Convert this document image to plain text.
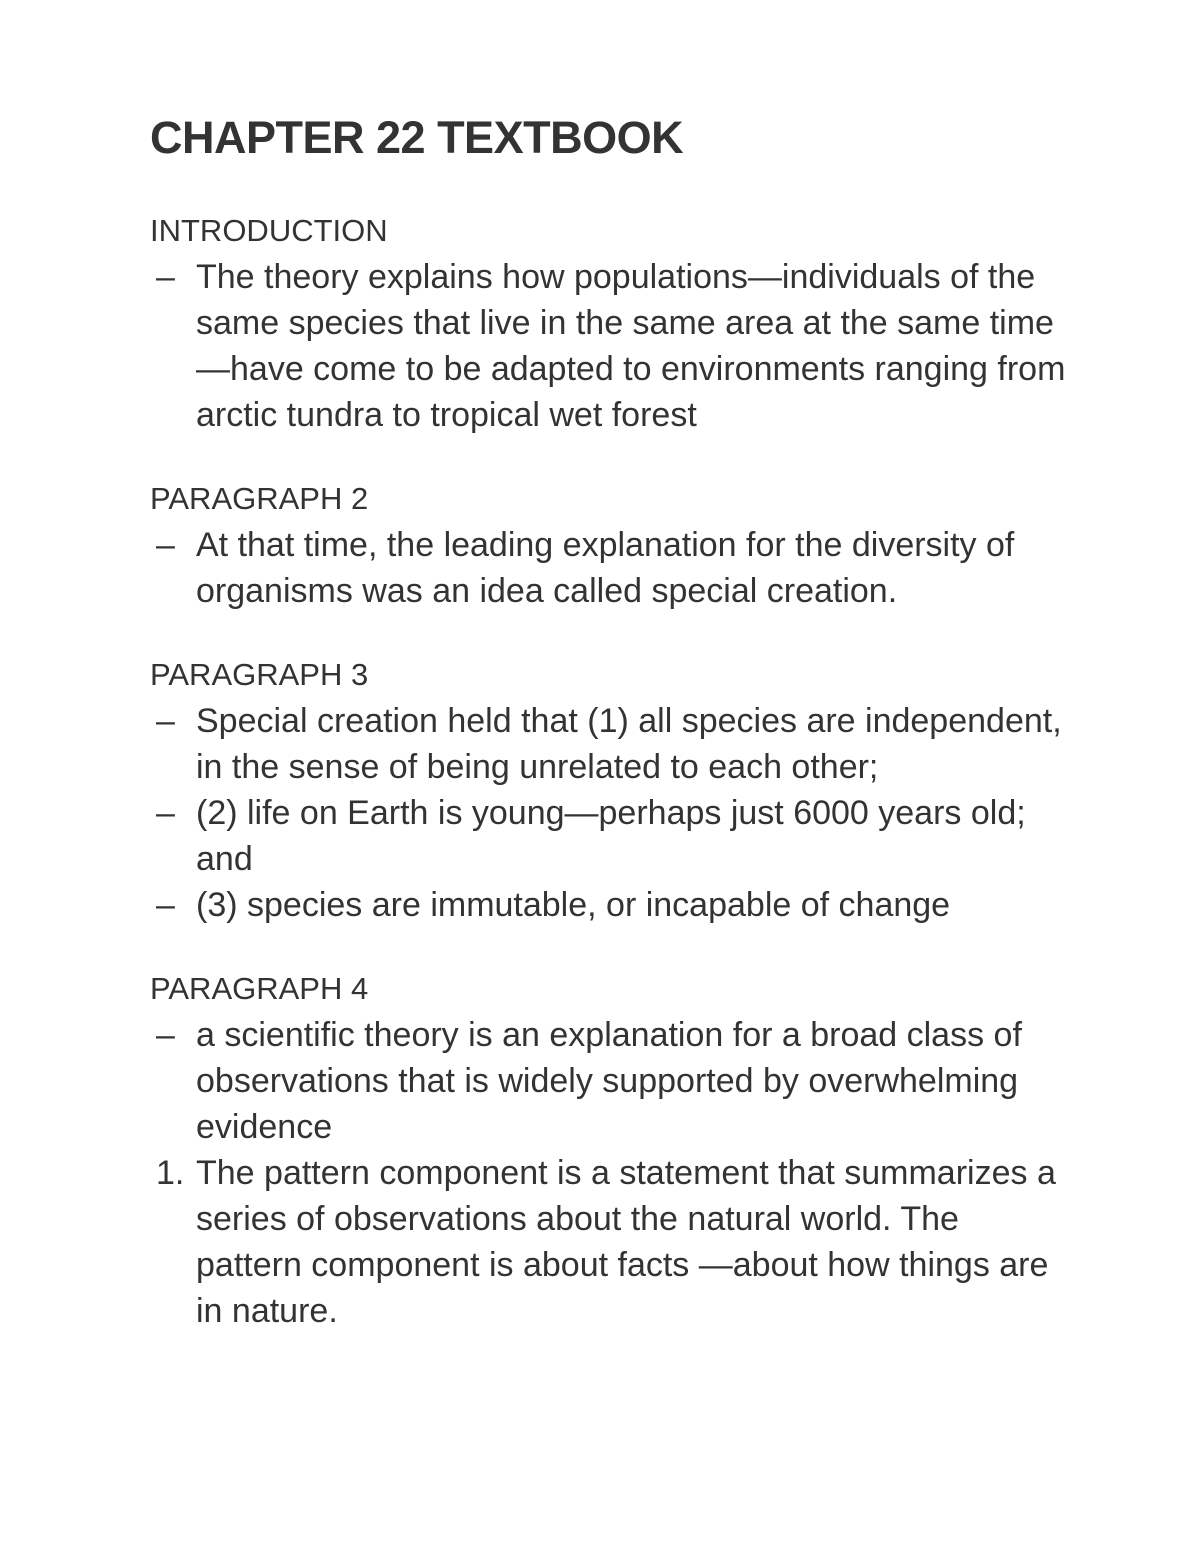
CHAPTER 22 TEXTBOOK
INTRODUCTION
– The theory explains how populations—individuals of the same species that live in the same area at the same time—have come to be adapted to environments ranging from arctic tundra to tropical wet forest
PARAGRAPH 2
– At that time, the leading explanation for the diversity of organisms was an idea called special creation.
PARAGRAPH 3
– Special creation held that (1) all species are independent, in the sense of being unrelated to each other;
– (2) life on Earth is young—perhaps just 6000 years old; and
– (3) species are immutable, or incapable of change
PARAGRAPH 4
– a scientific theory is an explanation for a broad class of observations that is widely supported by overwhelming evidence
1. The pattern component is a statement that summarizes a series of observations about the natural world. The pattern component is about facts —about how things are in nature.
